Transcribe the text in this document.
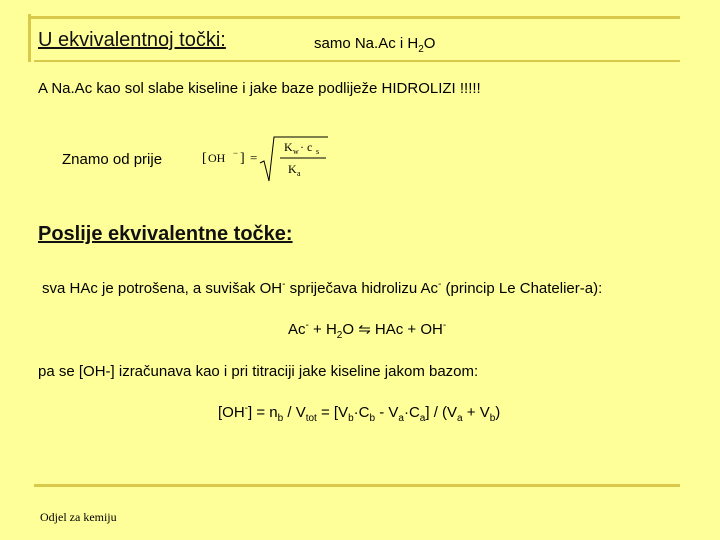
U ekvivalentnoj točki:	samo Na.Ac i $H_2O$
A Na.Ac kao sol slabe kiseline i jake baze podliježe HIDROLIZI !!!!!
Znamo od prije	[ OH − ] =
K w · c s
K a
Poslije ekvivalentne točke:
sva HAc je potrošena, a suvišak OH- spriječava hidrolizu Ac- (princip Le Chatelier-a):
$Ac^- + H_2O$ ⇋ HAc + OH-
pa se [OH-] izračunava kao i pri titraciji jake kiseline jakom bazom:
$[OH^-] = n_b / V_{tot} = [V_b\cdot C_b - V_a\cdot C_a] / (V_a + V_b)$
Odjel za kemiju
